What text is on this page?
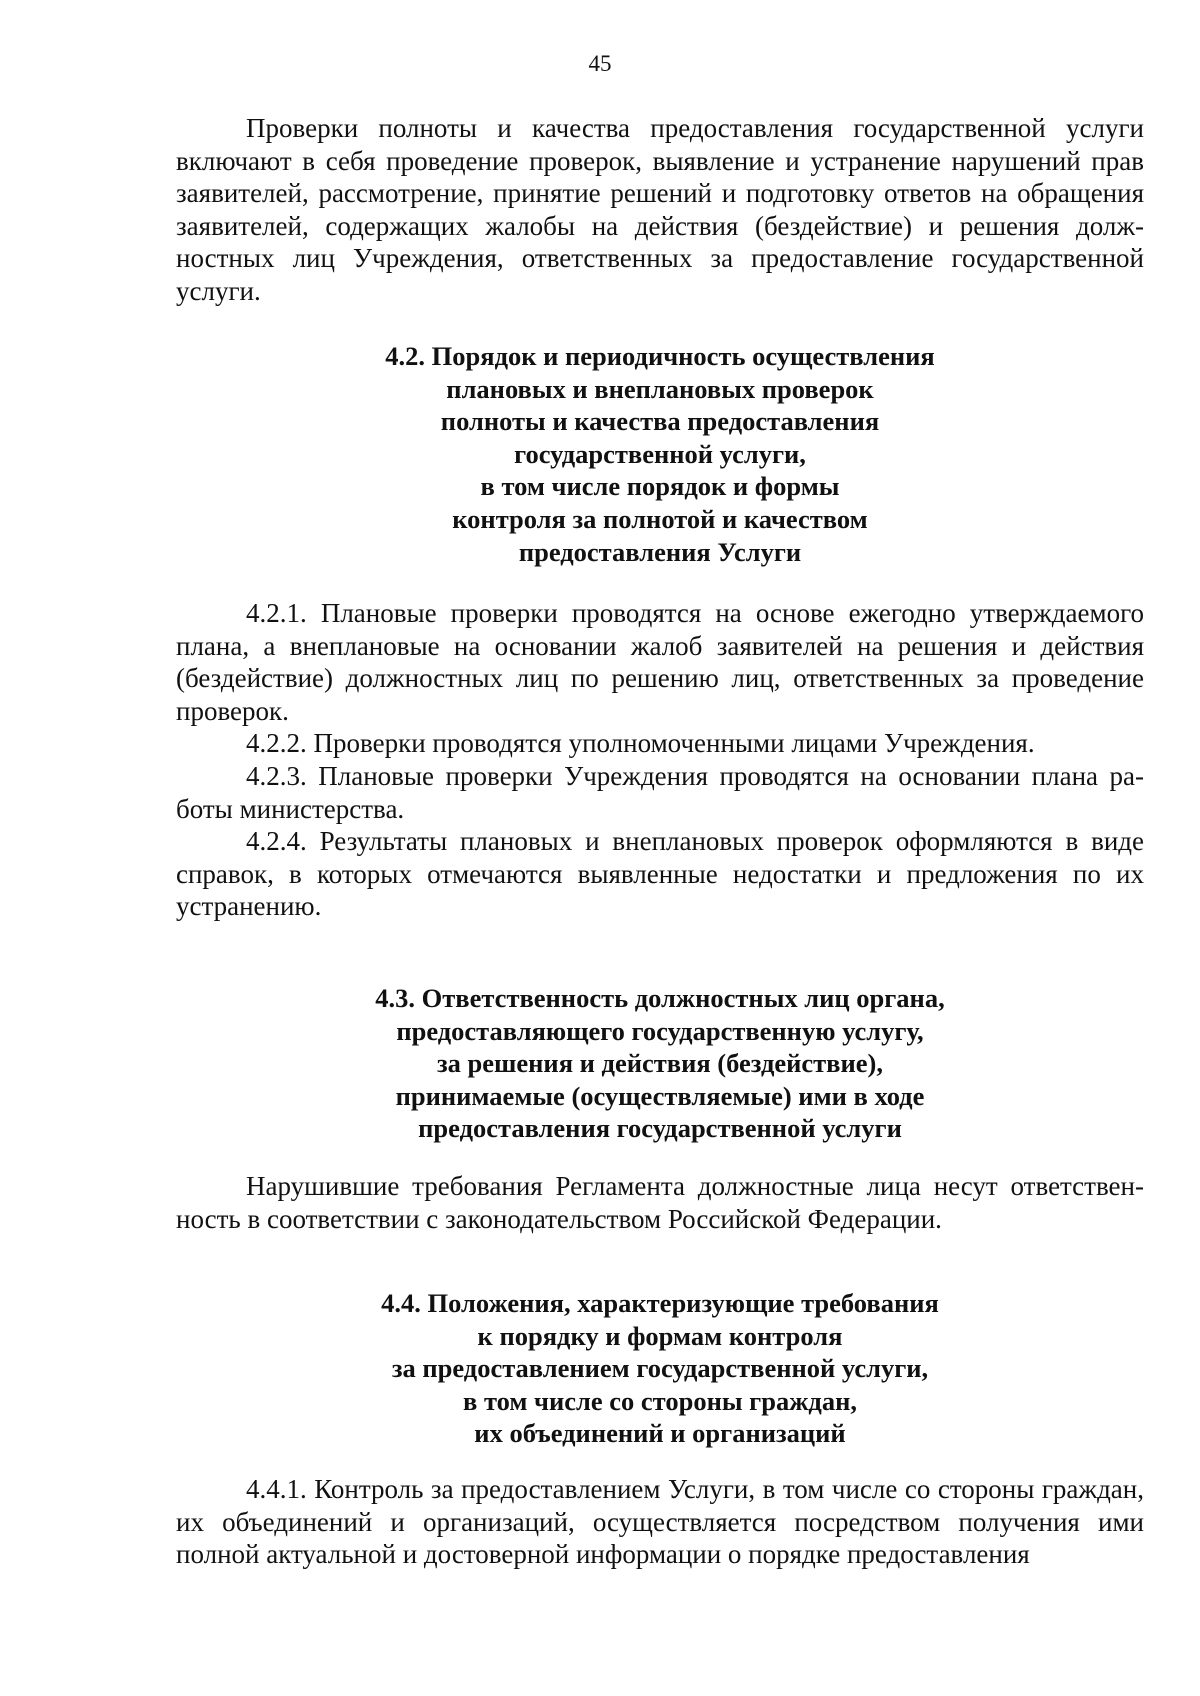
45

Проверки полноты и качества предоставления государственной услуги включают в себя проведение проверок, выявление и устранение нарушений прав заявителей, рассмотрение, принятие решений и подготовку ответов на обращения заявителей, содержащих жалобы на действия (бездействие) и решения должностных лиц Учреждения, ответственных за предоставление государственной услуги.

4.2. Порядок и периодичность осуществления
плановых и внеплановых проверок
полноты и качества предоставления
государственной услуги,
в том числе порядок и формы
контроля за полнотой и качеством
предоставления Услуги

4.2.1. Плановые проверки проводятся на основе ежегодно утверждаемого плана, а внеплановые на основании жалоб заявителей на решения и действия (бездействие) должностных лиц по решению лиц, ответственных за проведение проверок.

4.2.2. Проверки проводятся уполномоченными лицами Учреждения.

4.2.3. Плановые проверки Учреждения проводятся на основании плана работы министерства.

4.2.4. Результаты плановых и внеплановых проверок оформляются в виде справок, в которых отмечаются выявленные недостатки и предложения по их устранению.

4.3. Ответственность должностных лиц органа,
предоставляющего государственную услугу,
за решения и действия (бездействие),
принимаемые (осуществляемые) ими в ходе
предоставления государственной услуги

Нарушившие требования Регламента должностные лица несут ответственность в соответствии с законодательством Российской Федерации.

4.4. Положения, характеризующие требования
к порядку и формам контроля
за предоставлением государственной услуги,
в том числе со стороны граждан,
их объединений и организаций

4.4.1. Контроль за предоставлением Услуги, в том числе со стороны граждан, их объединений и организаций, осуществляется посредством получения ими полной актуальной и достоверной информации о порядке предоставления
